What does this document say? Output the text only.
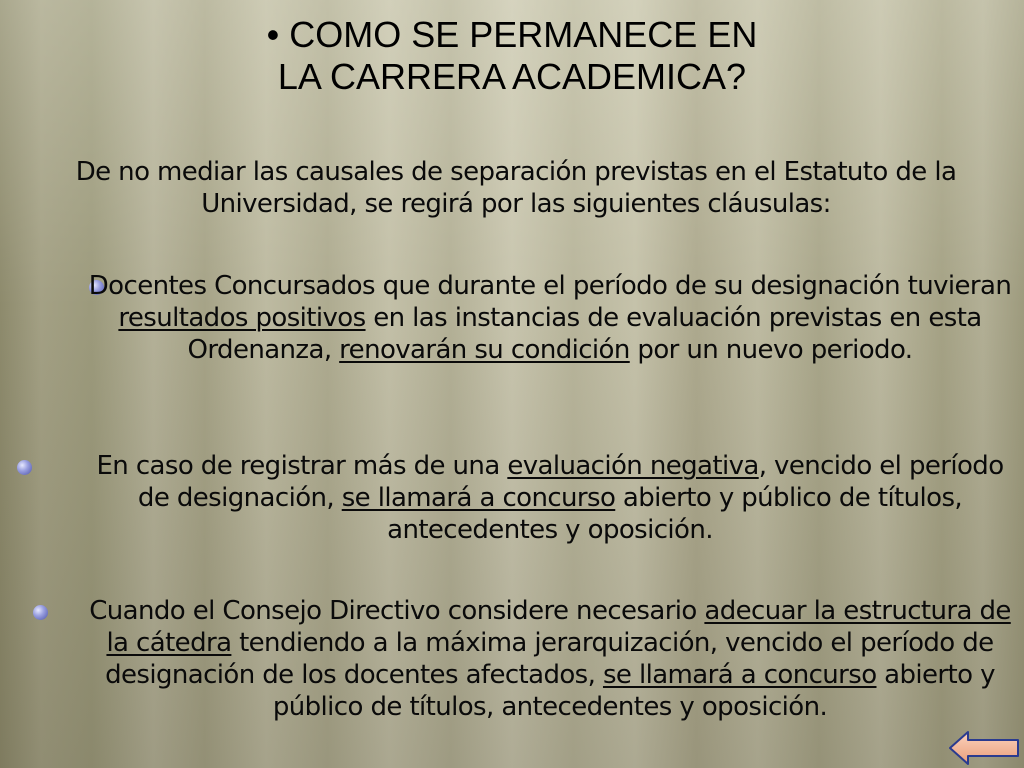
• COMO SE PERMANECE EN
LA CARRERA ACADEMICA?

De no mediar las causales de separación previstas en el Estatuto de la Universidad, se regirá por las siguientes cláusulas:

Docentes Concursados que durante el período de su designación tuvieran resultados positivos en las instancias de evaluación previstas en esta Ordenanza, renovarán su condición por un nuevo periodo.

En caso de registrar más de una evaluación negativa, vencido el período de designación, se llamará a concurso abierto y público de títulos, antecedentes y oposición.

Cuando el Consejo Directivo considere necesario adecuar la estructura de la cátedra tendiendo a la máxima jerarquización, vencido el período de designación de los docentes afectados, se llamará a concurso abierto y público de títulos, antecedentes y oposición.
